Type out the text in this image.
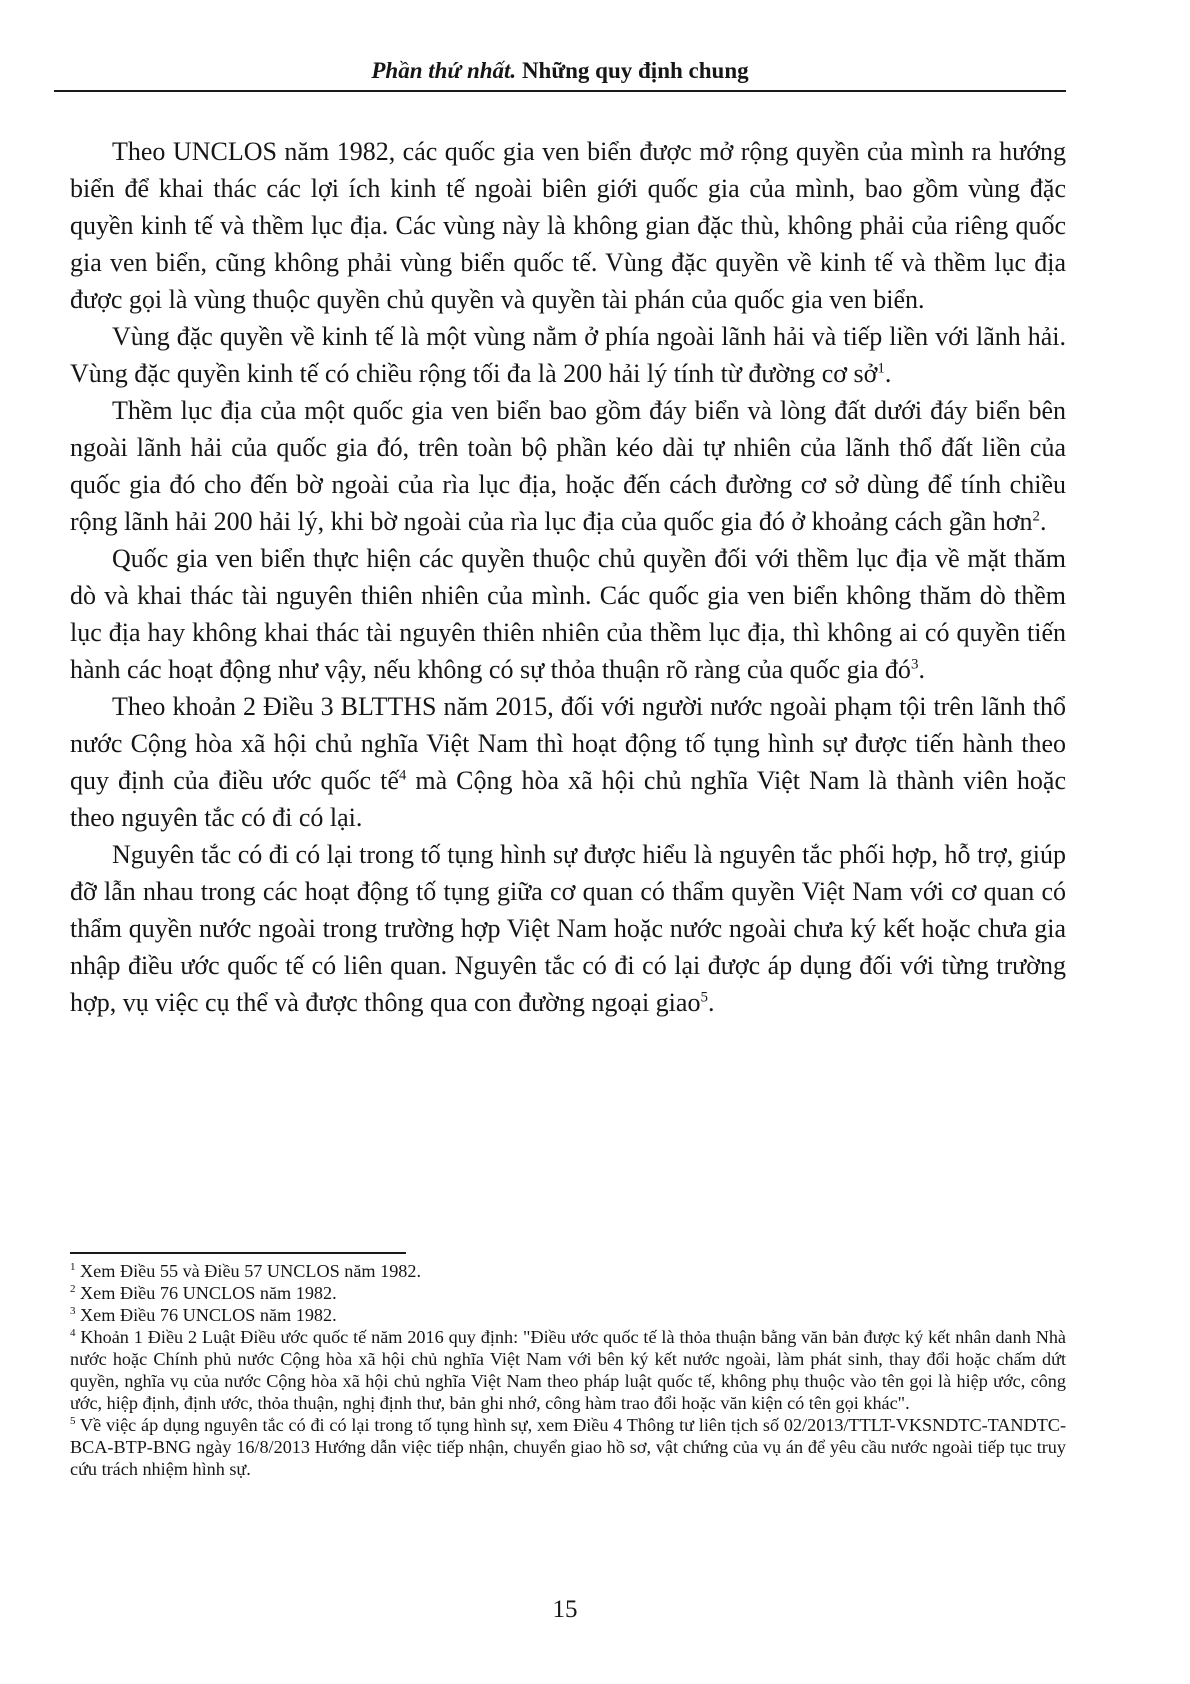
Phần thứ nhất. Những quy định chung

Theo UNCLOS năm 1982, các quốc gia ven biển được mở rộng quyền của mình ra hướng biển để khai thác các lợi ích kinh tế ngoài biên giới quốc gia của mình, bao gồm vùng đặc quyền kinh tế và thềm lục địa. Các vùng này là không gian đặc thù, không phải của riêng quốc gia ven biển, cũng không phải vùng biển quốc tế. Vùng đặc quyền về kinh tế và thềm lục địa được gọi là vùng thuộc quyền chủ quyền và quyền tài phán của quốc gia ven biển.

Vùng đặc quyền về kinh tế là một vùng nằm ở phía ngoài lãnh hải và tiếp liền với lãnh hải. Vùng đặc quyền kinh tế có chiều rộng tối đa là 200 hải lý tính từ đường cơ sở$^1$.

Thềm lục địa của một quốc gia ven biển bao gồm đáy biển và lòng đất dưới đáy biển bên ngoài lãnh hải của quốc gia đó, trên toàn bộ phần kéo dài tự nhiên của lãnh thổ đất liền của quốc gia đó cho đến bờ ngoài của rìa lục địa, hoặc đến cách đường cơ sở dùng để tính chiều rộng lãnh hải 200 hải lý, khi bờ ngoài của rìa lục địa của quốc gia đó ở khoảng cách gần hơn$^2$.

Quốc gia ven biển thực hiện các quyền thuộc chủ quyền đối với thềm lục địa về mặt thăm dò và khai thác tài nguyên thiên nhiên của mình. Các quốc gia ven biển không thăm dò thềm lục địa hay không khai thác tài nguyên thiên nhiên của thềm lục địa, thì không ai có quyền tiến hành các hoạt động như vậy, nếu không có sự thỏa thuận rõ ràng của quốc gia $đó^3$.

Theo khoản 2 Điều 3 BLTTHS năm 2015, đối với người nước ngoài phạm tội trên lãnh thổ nước Cộng hòa xã hội chủ nghĩa Việt Nam thì hoạt động tố tụng hình sự được tiến hành theo quy định của điều ước quốc tế$^4$ mà Cộng hòa xã hội chủ nghĩa Việt Nam là thành viên hoặc theo nguyên tắc có đi có lại.

Nguyên tắc có đi có lại trong tố tụng hình sự được hiểu là nguyên tắc phối hợp, hỗ trợ, giúp đỡ lẫn nhau trong các hoạt động tố tụng giữa cơ quan có thẩm quyền Việt Nam với cơ quan có thẩm quyền nước ngoài trong trường hợp Việt Nam hoặc nước ngoài chưa ký kết hoặc chưa gia nhập điều ước quốc tế có liên quan. Nguyên tắc có đi có lại được áp dụng đối với từng trường hợp, vụ việc cụ thể và được thông qua con đường ngoại giao$^5$.

$^1$ Xem Điều 55 và Điều 57 UNCLOS năm 1982.

$^2$ Xem Điều 76 UNCLOS năm 1982.

$^3$ Xem Điều 76 UNCLOS năm 1982.

$^4$ Khoản 1 Điều 2 Luật Điều ước quốc tế năm 2016 quy định: "Điều ước quốc tế là thỏa thuận bằng văn bản được ký kết nhân danh Nhà nước hoặc Chính phủ nước Cộng hòa xã hội chủ nghĩa Việt Nam với bên ký kết nước ngoài, làm phát sinh, thay đổi hoặc chấm dứt quyền, nghĩa vụ của nước Cộng hòa xã hội chủ nghĩa Việt Nam theo pháp luật quốc tế, không phụ thuộc vào tên gọi là hiệp ước, công ước, hiệp định, định ước, thỏa thuận, nghị định thư, bản ghi nhớ, công hàm trao đổi hoặc văn kiện có tên gọi khác".

$^5$ Về việc áp dụng nguyên tắc có đi có lại trong tố tụng hình sự, xem Điều 4 Thông tư liên tịch số 02/2013/TTLT-VKSNDTC-TANDTC-BCA-BTP-BNG ngày 16/8/2013 Hướng dẫn việc tiếp nhận, chuyển giao hồ sơ, vật chứng của vụ án để yêu cầu nước ngoài tiếp tục truy cứu trách nhiệm hình sự.

15
